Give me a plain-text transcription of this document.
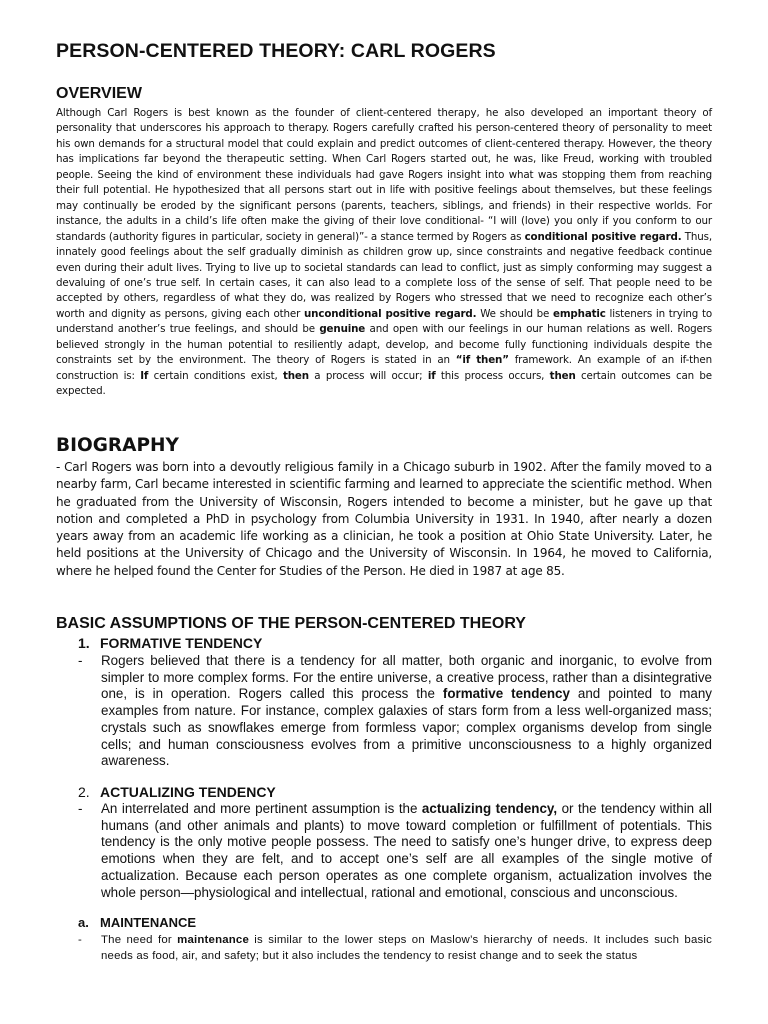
PERSON-CENTERED THEORY: CARL ROGERS
OVERVIEW

Although Carl Rogers is best known as the founder of client-centered therapy, he also developed an important theory of personality that underscores his approach to therapy. Rogers carefully crafted his person-centered theory of personality to meet his own demands for a structural model that could explain and predict outcomes of client-centered therapy. However, the theory has implications far beyond the therapeutic setting. When Carl Rogers started out, he was, like Freud, working with troubled people. Seeing the kind of environment these individuals had gave Rogers insight into what was stopping them from reaching their full potential. He hypothesized that all persons start out in life with positive feelings about themselves, but these feelings may continually be eroded by the significant persons (parents, teachers, siblings, and friends) in their respective worlds. For instance, the adults in a child’s life often make the giving of their love conditional- “I will (love) you only if you conform to our standards (authority figures in particular, society in general)”- a stance termed by Rogers as conditional positive regard. Thus, innately good feelings about the self gradually diminish as children grow up, since constraints and negative feedback continue even during their adult lives. Trying to live up to societal standards can lead to conflict, just as simply conforming may suggest a devaluing of one’s true self. In certain cases, it can also lead to a complete loss of the sense of self. That people need to be accepted by others, regardless of what they do, was realized by Rogers who stressed that we need to recognize each other’s worth and dignity as persons, giving each other unconditional positive regard. We should be emphatic listeners in trying to understand another’s true feelings, and should be genuine and open with our feelings in our human relations as well. Rogers believed strongly in the human potential to resiliently adapt, develop, and become fully functioning individuals despite the constraints set by the environment. The theory of Rogers is stated in an “if then” framework. An example of an if-then construction is: If certain conditions exist, then a process will occur; if this process occurs, then certain outcomes can be expected.

BIOGRAPHY

- Carl Rogers was born into a devoutly religious family in a Chicago suburb in 1902. After the family moved to a nearby farm, Carl became interested in scientific farming and learned to appreciate the scientific method. When he graduated from the University of Wisconsin, Rogers intended to become a minister, but he gave up that notion and completed a PhD in psychology from Columbia University in 1931. In 1940, after nearly a dozen years away from an academic life working as a clinician, he took a position at Ohio State University. Later, he held positions at the University of Chicago and the University of Wisconsin. In 1964, he moved to California, where he helped found the Center for Studies of the Person. He died in 1987 at age 85.

BASIC ASSUMPTIONS OF THE PERSON-CENTERED THEORY

1. FORMATIVE TENDENCY

- Rogers believed that there is a tendency for all matter, both organic and inorganic, to evolve from simpler to more complex forms. For the entire universe, a creative process, rather than a disintegrative one, is in operation. Rogers called this process the formative tendency and pointed to many examples from nature. For instance, complex galaxies of stars form from a less well-organized mass; crystals such as snowflakes emerge from formless vapor; complex organisms develop from single cells; and human consciousness evolves from a primitive unconsciousness to a highly organized awareness.

2. ACTUALIZING TENDENCY

- An interrelated and more pertinent assumption is the actualizing tendency, or the tendency within all humans (and other animals and plants) to move toward completion or fulfillment of potentials. This tendency is the only motive people possess. The need to satisfy one’s hunger drive, to express deep emotions when they are felt, and to accept one’s self are all examples of the single motive of actualization. Because each person operates as one complete organism, actualization involves the whole person—physiological and intellectual, rational and emotional, conscious and unconscious.

a. MAINTENANCE

- The need for maintenance is similar to the lower steps on Maslow’s hierarchy of needs. It includes such basic needs as food, air, and safety; but it also includes the tendency to resist change and to seek the status
